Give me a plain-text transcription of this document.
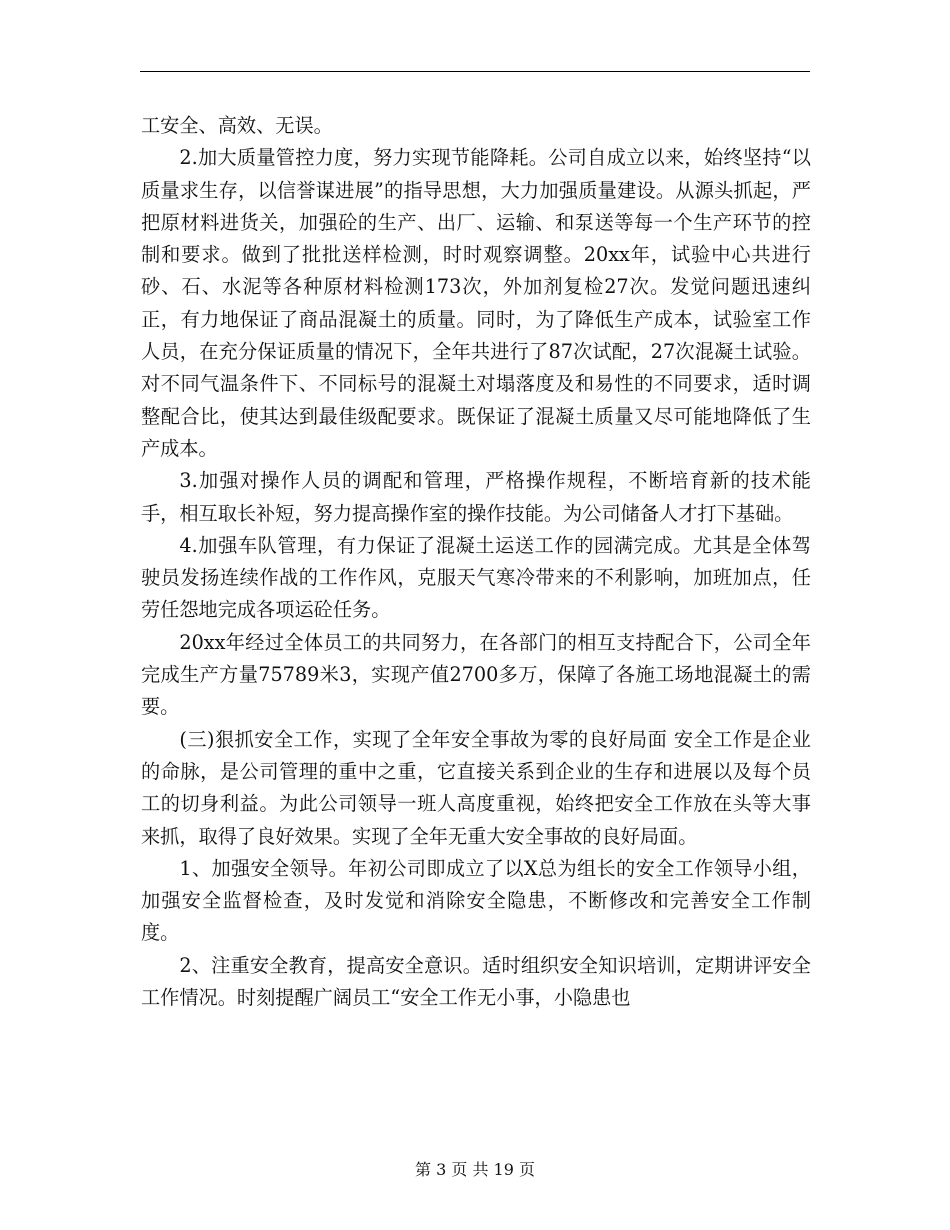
工安全、高效、无误。

2.加大质量管控力度，努力实现节能降耗。公司自成立以来，始终坚持“以质量求生存，以信誉谋进展”的指导思想，大力加强质量建设。从源头抓起，严把原材料进货关，加强砼的生产、出厂、运输、和泵送等每一个生产环节的控制和要求。做到了批批送样检测，时时观察调整。20xx年，试验中心共进行砂、石、水泥等各种原材料检测173次，外加剂复检27次。发觉问题迅速纠正，有力地保证了商品混凝土的质量。同时，为了降低生产成本，试验室工作人员，在充分保证质量的情况下，全年共进行了87次试配，27次混凝土试验。对不同气温条件下、不同标号的混凝土对塌落度及和易性的不同要求，适时调整配合比，使其达到最佳级配要求。既保证了混凝土质量又尽可能地降低了生产成本。

3.加强对操作人员的调配和管理，严格操作规程，不断培育新的技术能手，相互取长补短，努力提高操作室的操作技能。为公司储备人才打下基础。

4.加强车队管理，有力保证了混凝土运送工作的园满完成。尤其是全体驾驶员发扬连续作战的工作作风，克服天气寒冷带来的不利影响，加班加点，任劳任怨地完成各项运砼任务。

20xx年经过全体员工的共同努力，在各部门的相互支持配合下，公司全年完成生产方量75789米3，实现产值2700多万，保障了各施工场地混凝土的需要。

(三)狠抓安全工作，实现了全年安全事故为零的良好局面 安全工作是企业的命脉，是公司管理的重中之重，它直接关系到企业的生存和进展以及每个员工的切身利益。为此公司领导一班人高度重视，始终把安全工作放在头等大事来抓，取得了良好效果。实现了全年无重大安全事故的良好局面。

1、加强安全领导。年初公司即成立了以X总为组长的安全工作领导小组，加强安全监督检查，及时发觉和消除安全隐患，不断修改和完善安全工作制度。

2、注重安全教育，提高安全意识。适时组织安全知识培训，定期讲评安全工作情况。时刻提醒广阔员工“安全工作无小事，小隐患也

第 3 页 共 19 页
